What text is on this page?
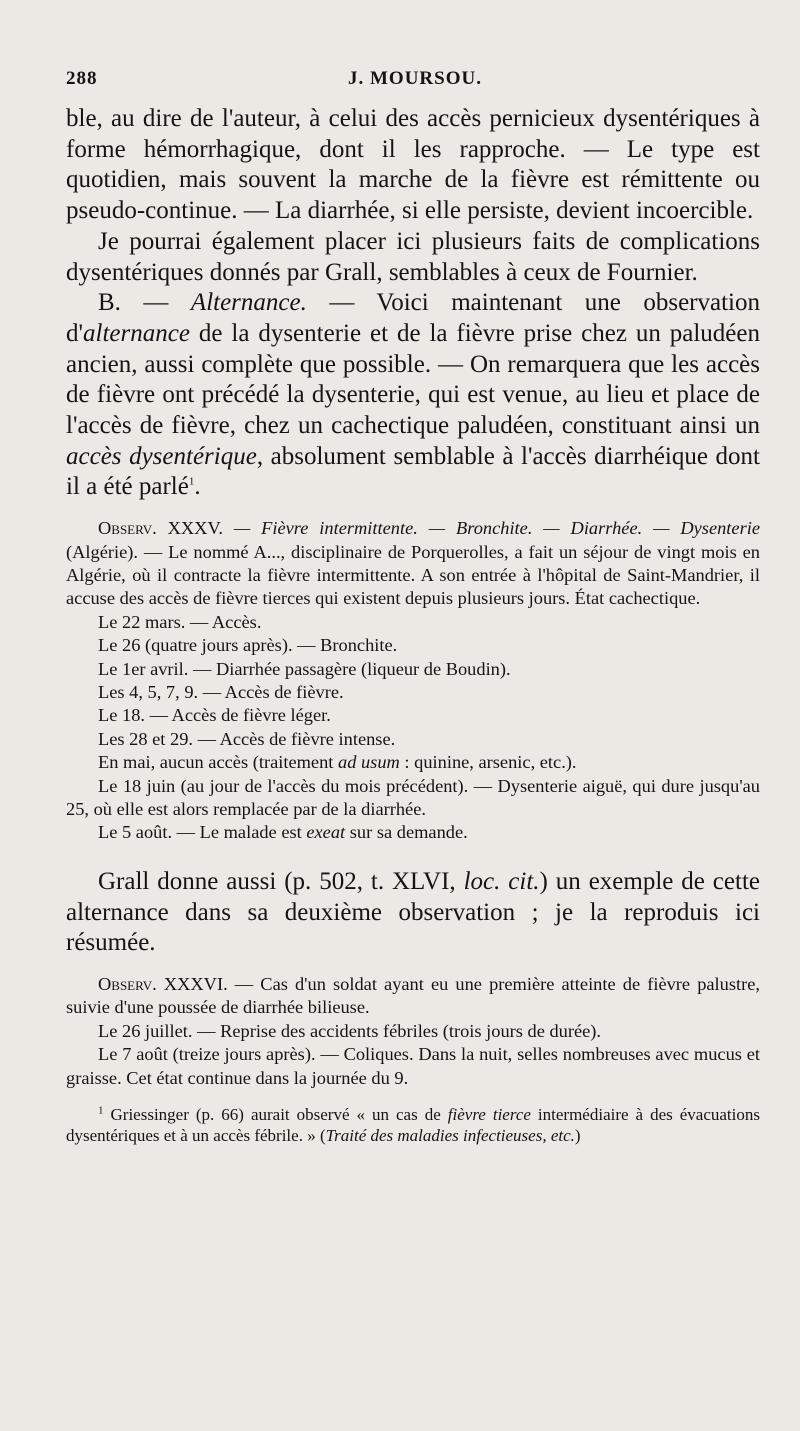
288	J. MOURSOU.

ble, au dire de l'auteur, à celui des accès pernicieux dysentériques à forme hémorrhagique, dont il les rapproche. — Le type est quotidien, mais souvent la marche de la fièvre est rémittente ou pseudo-continue. — La diarrhée, si elle persiste, devient incoercible.

Je pourrai également placer ici plusieurs faits de complications dysentériques donnés par Grall, semblables à ceux de Fournier.

B. — Alternance. — Voici maintenant une observation d'alternance de la dysenterie et de la fièvre prise chez un paludéen ancien, aussi complète que possible. — On remarquera que les accès de fièvre ont précédé la dysenterie, qui est venue, au lieu et place de l'accès de fièvre, chez un cachectique paludéen, constituant ainsi un accès dysentérique, absolument semblable à l'accès diarrhéique dont il a été parlé$^1$.

Observ. XXXV. — Fièvre intermittente. — Bronchite. — Diarrhée. — Dysenterie (Algérie). — Le nommé A..., disciplinaire de Porquerolles, a fait un séjour de vingt mois en Algérie, où il contracte la fièvre intermittente. A son entrée à l'hôpital de Saint-Mandrier, il accuse des accès de fièvre tierces qui existent depuis plusieurs jours. État cachectique.

Le 22 mars. — Accès.

Le 26 (quatre jours après). — Bronchite.

Le 1er avril. — Diarrhée passagère (liqueur de Boudin).

Les 4, 5, 7, 9. — Accès de fièvre.

Le 18. — Accès de fièvre léger.

Les 28 et 29. — Accès de fièvre intense.

En mai, aucun accès (traitement ad usum : quinine, arsenic, etc.).

Le 18 juin (au jour de l'accès du mois précédent). — Dysenterie aiguë, qui dure jusqu'au 25, où elle est alors remplacée par de la diarrhée.

Le 5 août. — Le malade est exeat sur sa demande.

Grall donne aussi (p. 502, t. XLVI, loc. cit.) un exemple de cette alternance dans sa deuxième observation ; je la reproduis ici résumée.

Observ. XXXVI. — Cas d'un soldat ayant eu une première atteinte de fièvre palustre, suivie d'une poussée de diarrhée bilieuse.

Le 26 juillet. — Reprise des accidents fébriles (trois jours de durée).

Le 7 août (treize jours après). — Coliques. Dans la nuit, selles nombreuses avec mucus et graisse. Cet état continue dans la journée du 9.

$^1$ Griessinger (p. 66) aurait observé « un cas de fièvre tierce intermédiaire à des évacuations dysentériques et à un accès fébrile. » (Traité des maladies infectieuses, etc.)
